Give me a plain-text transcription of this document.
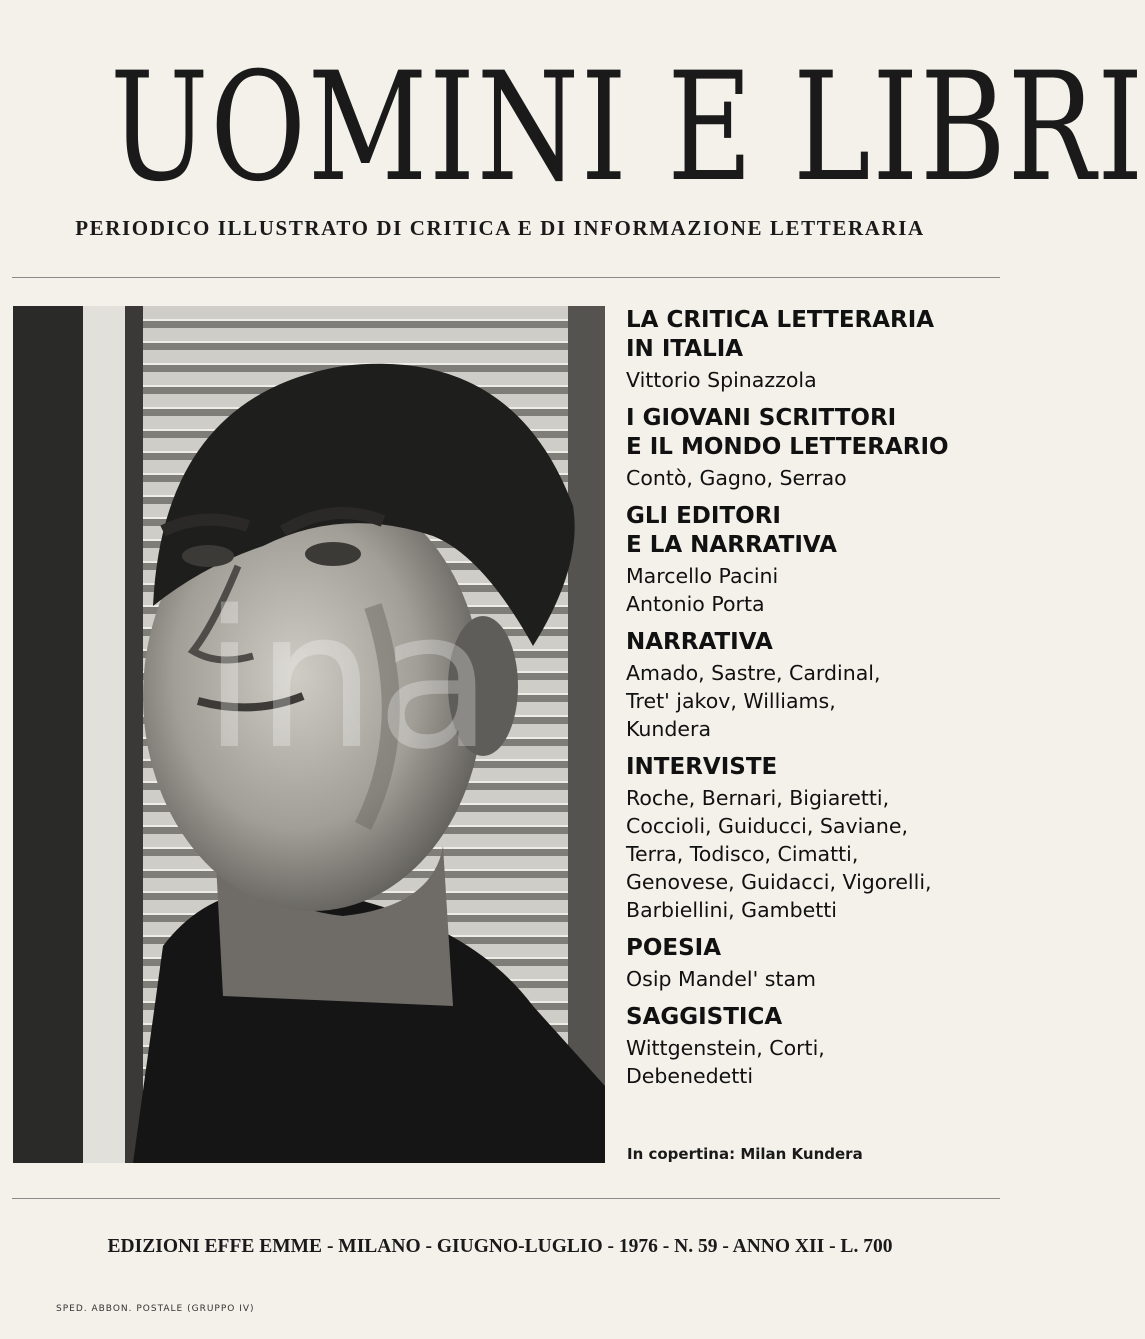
UOMINI E LIBRI
PERIODICO ILLUSTRATO DI CRITICA E DI INFORMAZIONE LETTERARIA
ina
LA CRITICA LETTERARIA
IN ITALIA
Vittorio Spinazzola
I GIOVANI SCRITTORI
E IL MONDO LETTERARIO
Contò, Gagno, Serrao
GLI EDITORI
E LA NARRATIVA
Marcello Pacini
Antonio Porta
NARRATIVA
Amado, Sastre, Cardinal,
Tret' jakov, Williams,
Kundera
INTERVISTE
Roche, Bernari, Bigiaretti,
Coccioli, Guiducci, Saviane,
Terra, Todisco, Cimatti,
Genovese, Guidacci, Vigorelli,
Barbiellini, Gambetti
POESIA
Osip Mandel' stam
SAGGISTICA
Wittgenstein, Corti,
Debenedetti
In copertina: Milan Kundera
EDIZIONI EFFE EMME - MILANO - GIUGNO-LUGLIO - 1976 - N. 59 - ANNO XII - L. 700
SPED. ABBON. POSTALE (GRUPPO IV)
